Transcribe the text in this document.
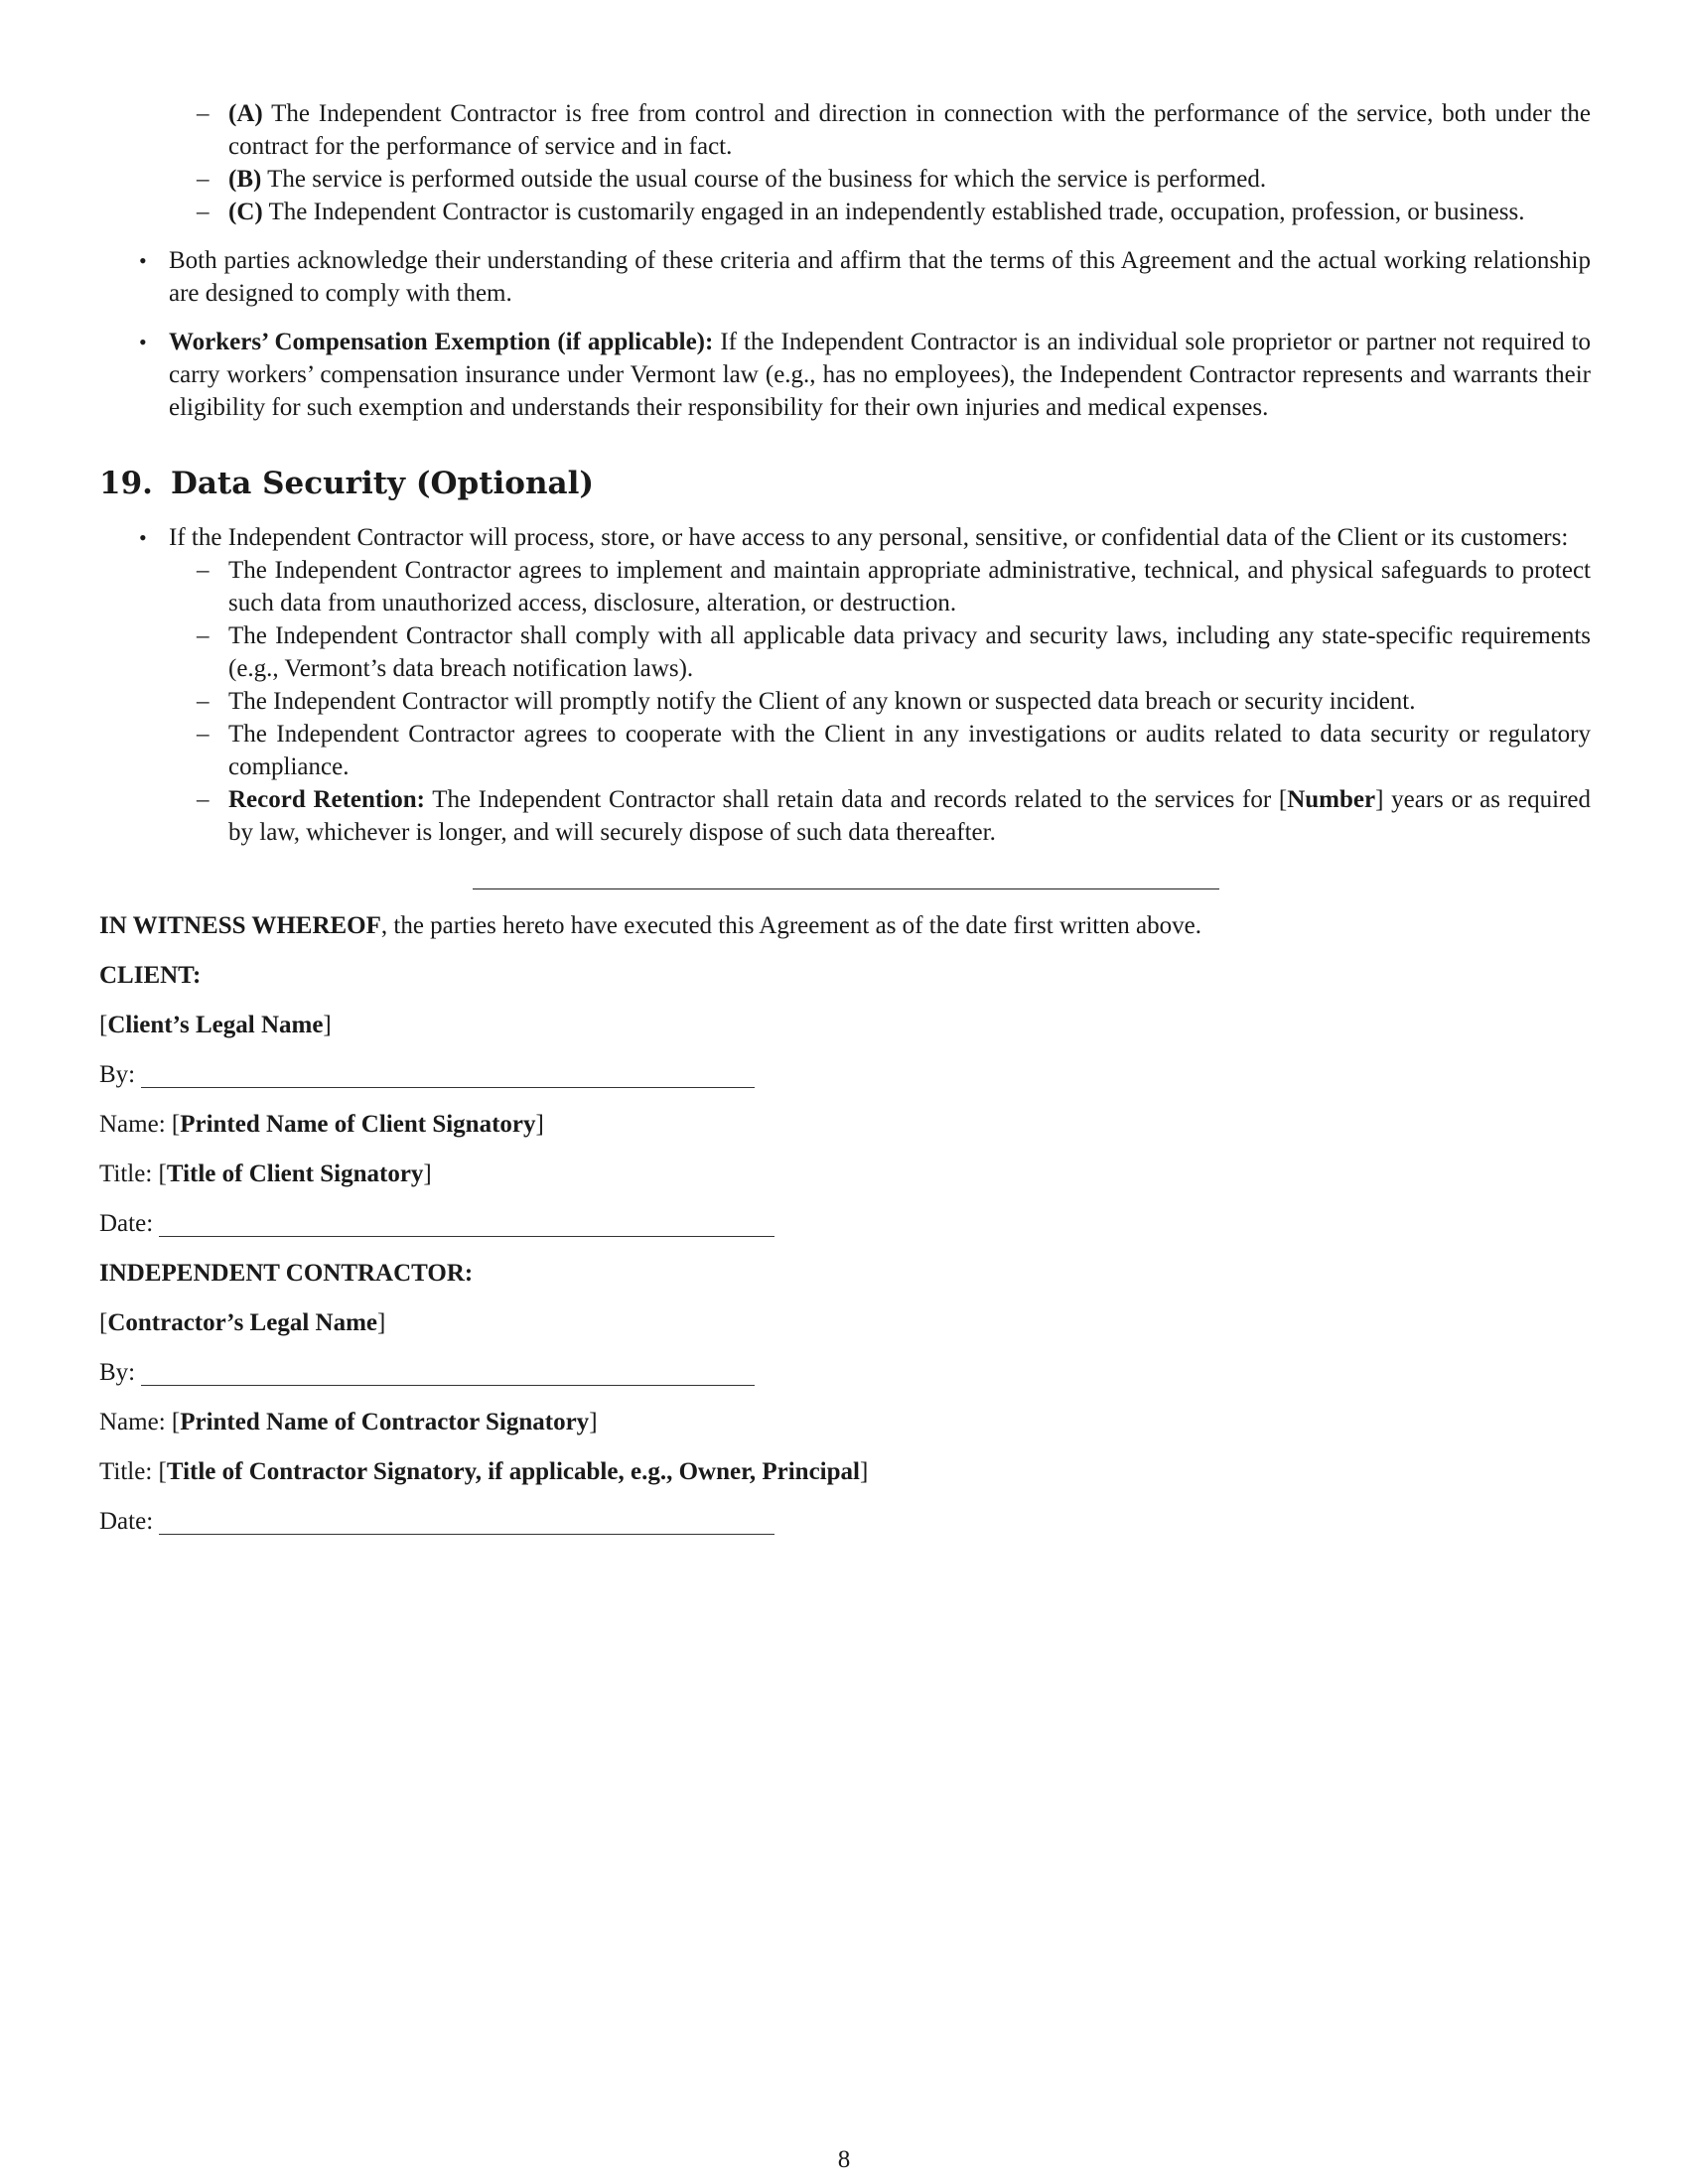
– (A) The Independent Contractor is free from control and direction in connection with the performance of the service, both under the contract for the performance of service and in fact.
– (B) The service is performed outside the usual course of the business for which the service is performed.
– (C) The Independent Contractor is customarily engaged in an independently established trade, occupation, profession, or business.
• Both parties acknowledge their understanding of these criteria and affirm that the terms of this Agreement and the actual working relationship are designed to comply with them.
• Workers’ Compensation Exemption (if applicable): If the Independent Contractor is an individual sole proprietor or partner not required to carry workers’ compensation insurance under Vermont law (e.g., has no employees), the Independent Contractor represents and warrants their eligibility for such exemption and understands their responsibility for their own injuries and medical expenses.
19. Data Security (Optional)
• If the Independent Contractor will process, store, or have access to any personal, sensitive, or confidential data of the Client or its customers:
– The Independent Contractor agrees to implement and maintain appropriate administrative, technical, and physical safeguards to protect such data from unauthorized access, disclosure, alteration, or destruction.
– The Independent Contractor shall comply with all applicable data privacy and security laws, including any state-specific requirements (e.g., Vermont’s data breach notification laws).
– The Independent Contractor will promptly notify the Client of any known or suspected data breach or security incident.
– The Independent Contractor agrees to cooperate with the Client in any investigations or audits related to data security or regulatory compliance.
– Record Retention: The Independent Contractor shall retain data and records related to the services for [Number] years or as required by law, whichever is longer, and will securely dispose of such data thereafter.

IN WITNESS WHEREOF, the parties hereto have executed this Agreement as of the date first written above.

CLIENT:

[Client’s Legal Name]

By:

Name: [Printed Name of Client Signatory]

Title: [Title of Client Signatory]

Date:

INDEPENDENT CONTRACTOR:

[Contractor’s Legal Name]

By:

Name: [Printed Name of Contractor Signatory]

Title: [Title of Contractor Signatory, if applicable, e.g., Owner, Principal]

Date:

8
